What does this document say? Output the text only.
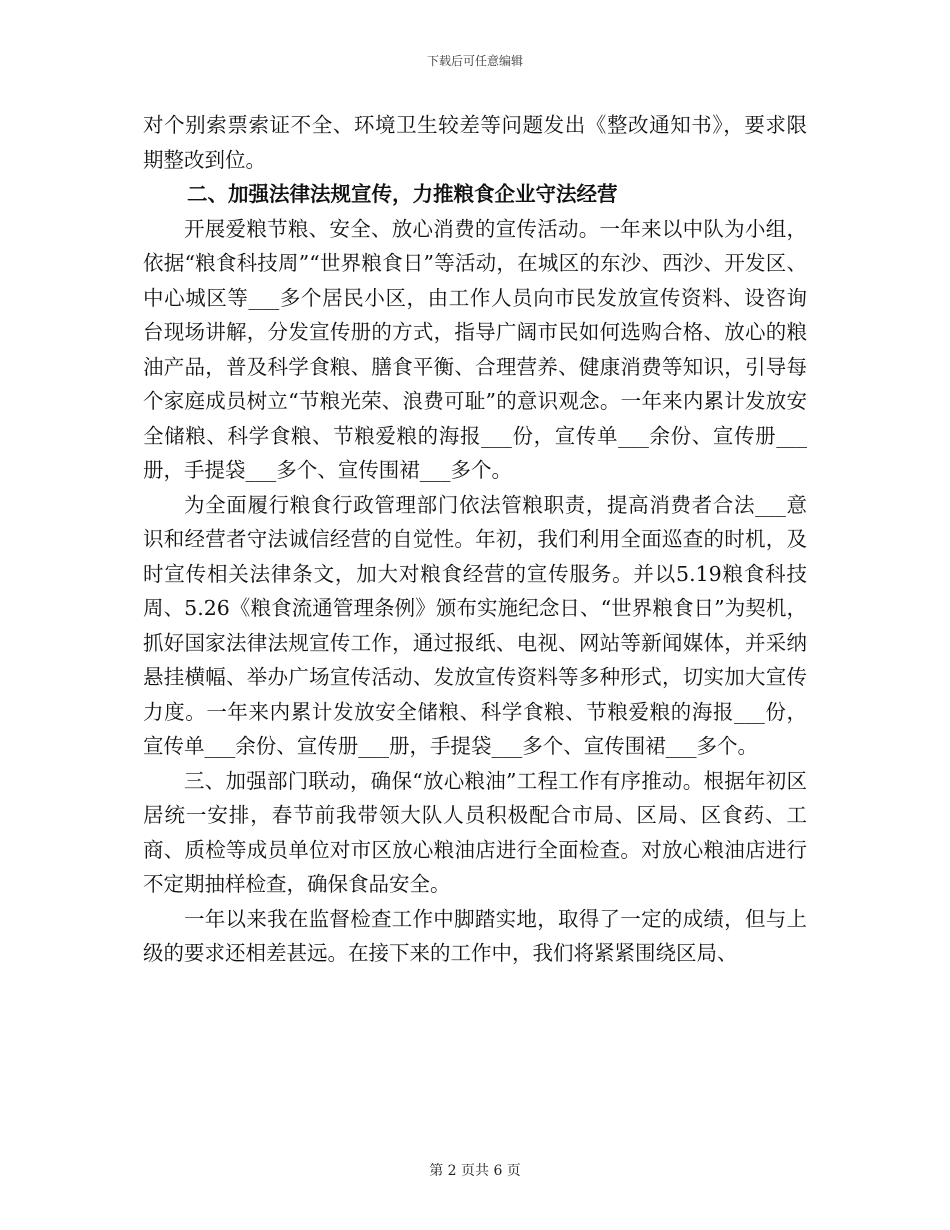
下载后可任意编辑

对个别索票索证不全、环境卫生较差等问题发出《整改通知书》，要求限期整改到位。

二、加强法律法规宣传，力推粮食企业守法经营

开展爱粮节粮、安全、放心消费的宣传活动。一年来以中队为小组，依据“粮食科技周”“世界粮食日”等活动，在城区的东沙、西沙、开发区、中心城区等___多个居民小区，由工作人员向市民发放宣传资料、设咨询台现场讲解，分发宣传册的方式，指导广阔市民如何选购合格、放心的粮油产品，普及科学食粮、膳食平衡、合理营养、健康消费等知识，引导每个家庭成员树立“节粮光荣、浪费可耻”的意识观念。一年来内累计发放安全储粮、科学食粮、节粮爱粮的海报___份，宣传单___余份、宣传册___册，手提袋___多个、宣传围裙___多个。

为全面履行粮食行政管理部门依法管粮职责，提高消费者合法___意识和经营者守法诚信经营的自觉性。年初，我们利用全面巡查的时机，及时宣传相关法律条文，加大对粮食经营的宣传服务。并以5.19粮食科技周、5.26《粮食流通管理条例》颁布实施纪念日、“世界粮食日”为契机，抓好国家法律法规宣传工作，通过报纸、电视、网站等新闻媒体，并采纳悬挂横幅、举办广场宣传活动、发放宣传资料等多种形式，切实加大宣传力度。一年来内累计发放安全储粮、科学食粮、节粮爱粮的海报___份，宣传单___余份、宣传册___册，手提袋___多个、宣传围裙___多个。

三、加强部门联动，确保“放心粮油”工程工作有序推动。根据年初区居统一安排，春节前我带领大队人员积极配合市局、区局、区食药、工商、质检等成员单位对市区放心粮油店进行全面检查。对放心粮油店进行不定期抽样检查，确保食品安全。

一年以来我在监督检查工作中脚踏实地，取得了一定的成绩，但与上级的要求还相差甚远。在接下来的工作中，我们将紧紧围绕区局、

第 2 页共 6 页
